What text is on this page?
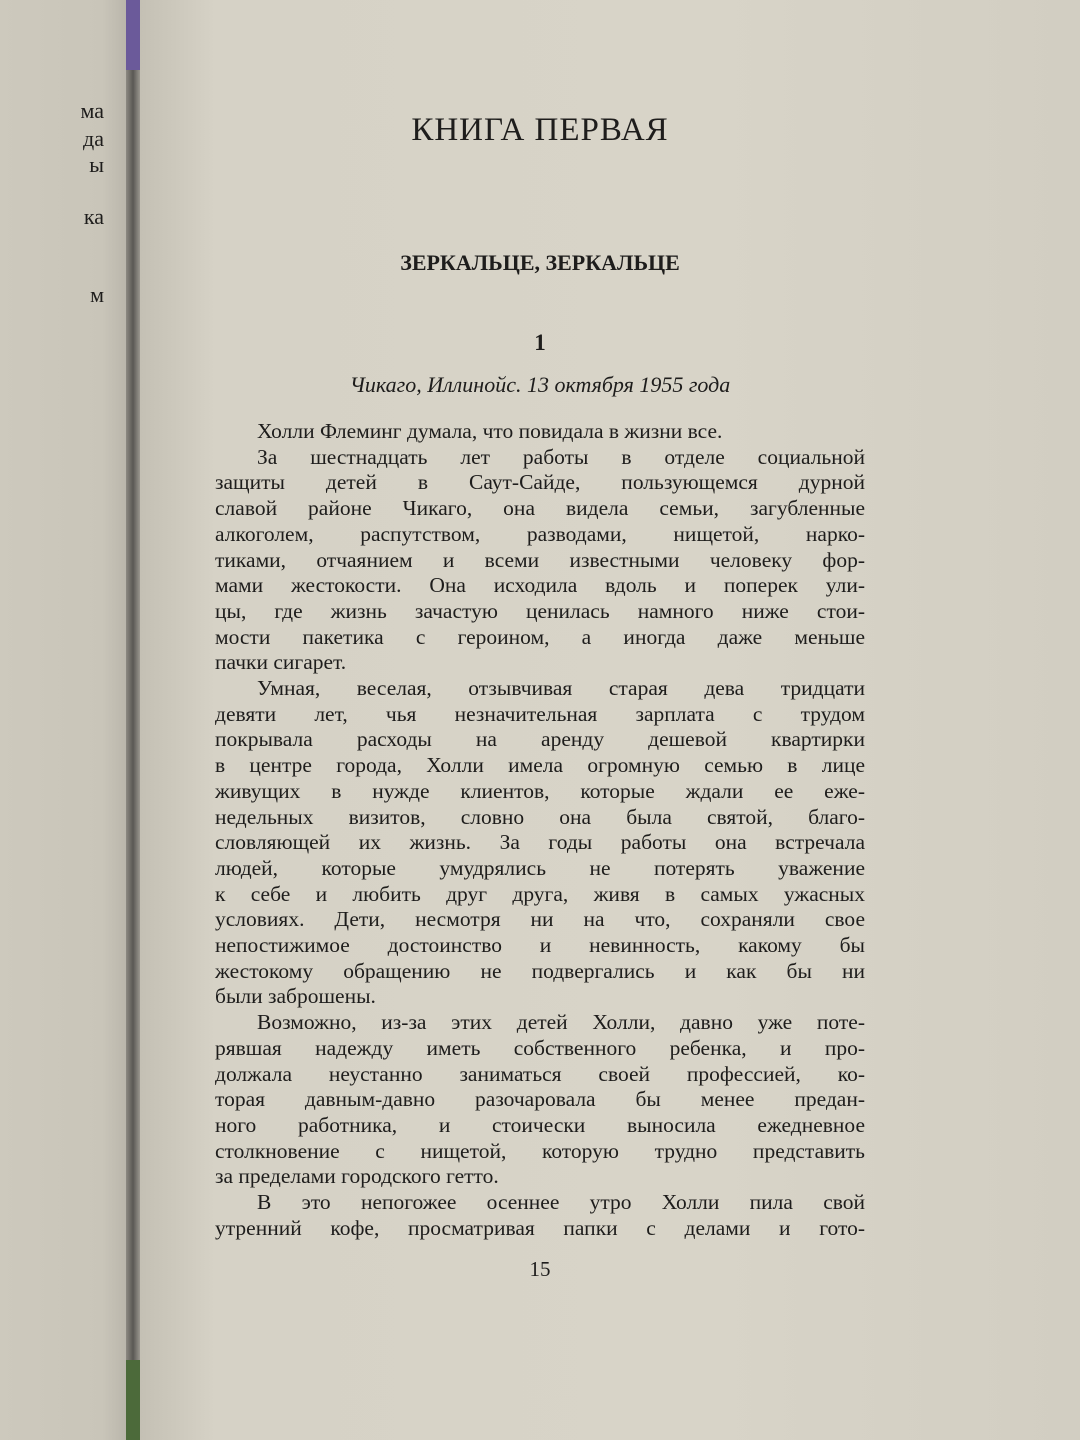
ма
да
ы
ка
м
КНИГА ПЕРВАЯ
ЗЕРКАЛЬЦЕ, ЗЕРКАЛЬЦЕ
1
Чикаго, Иллинойс. 13 октября 1955 года
Холли Флеминг думала, что повидала в жизни все.
За шестнадцать лет работы в отделе социальной
защиты детей в Саут-Сайде, пользующемся дурной
славой районе Чикаго, она видела семьи, загубленные
алкоголем, распутством, разводами, нищетой, нарко-
тиками, отчаянием и всеми известными человеку фор-
мами жестокости. Она исходила вдоль и поперек ули-
цы, где жизнь зачастую ценилась намного ниже стои-
мости пакетика с героином, а иногда даже меньше
пачки сигарет.
Умная, веселая, отзывчивая старая дева тридцати
девяти лет, чья незначительная зарплата с трудом
покрывала расходы на аренду дешевой квартирки
в центре города, Холли имела огромную семью в лице
живущих в нужде клиентов, которые ждали ее еже-
недельных визитов, словно она была святой, благо-
словляющей их жизнь. За годы работы она встречала
людей, которые умудрялись не потерять уважение
к себе и любить друг друга, живя в самых ужасных
условиях. Дети, несмотря ни на что, сохраняли свое
непостижимое достоинство и невинность, какому бы
жестокому обращению не подвергались и как бы ни
были заброшены.
Возможно, из-за этих детей Холли, давно уже поте-
рявшая надежду иметь собственного ребенка, и про-
должала неустанно заниматься своей профессией, ко-
торая давным-давно разочаровала бы менее предан-
ного работника, и стоически выносила ежедневное
столкновение с нищетой, которую трудно представить
за пределами городского гетто.
В это непогожее осеннее утро Холли пила свой
утренний кофе, просматривая папки с делами и гото-
15
